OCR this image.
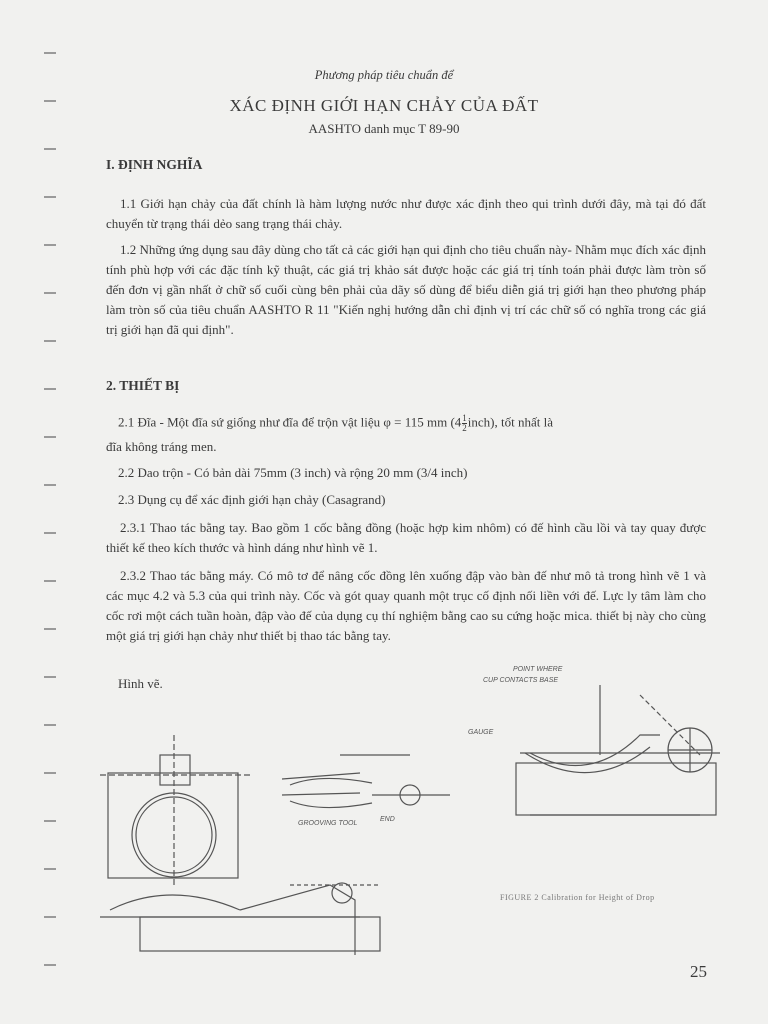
Phương pháp tiêu chuẩn để
XÁC ĐỊNH GIỚI HẠN CHẢY CỦA ĐẤT
AASHTO danh mục T 89-90
I. ĐỊNH NGHĨA
1.1 Giới hạn chảy của đất chính là hàm lượng nước như được xác định theo qui trình dưới đây, mà tại đó đất chuyển từ trạng thái dẻo sang trạng thái chảy.
1.2 Những ứng dụng sau đây dùng cho tất cả các giới hạn qui định cho tiêu chuẩn này- Nhằm mục đích xác định tính phù hợp với các đặc tính kỹ thuật, các giá trị khảo sát được hoặc các giá trị tính toán phải được làm tròn số đến đơn vị gần nhất ở chữ số cuối cùng bên phải của dãy số dùng để biểu diễn giá trị giới hạn theo phương pháp làm tròn số của tiêu chuẩn AASHTO R 11 "Kiến nghị hướng dẫn chỉ định vị trí các chữ số có nghĩa trong các giá trị giới hạn đã qui định".
2. THIẾT BỊ
2.1 Đĩa - Một đĩa sứ giống như đĩa để trộn vật liệu φ = 115 mm $(4 \frac{1}{2}inch)$, tốt nhất là
đĩa không tráng men.
2.2 Dao trộn - Có bản dài 75mm (3 inch) và rộng 20 mm (3/4 inch)
2.3 Dụng cụ để xác định giới hạn chảy (Casagrand)
2.3.1 Thao tác bằng tay. Bao gồm 1 cốc bằng đồng (hoặc hợp kim nhôm) có đế hình cầu lồi và tay quay được thiết kế theo kích thước và hình dáng như hình vẽ 1.
2.3.2 Thao tác bằng máy. Có mô tơ để nâng cốc đồng lên xuống đập vào bàn đế như mô tả trong hình vẽ 1 và các mục 4.2 và 5.3 của qui trình này. Cốc và gót quay quanh một trục cố định nối liền với đế. Lực ly tâm làm cho cốc rơi một cách tuần hoàn, đập vào đế của dụng cụ thí nghiệm bằng cao su cứng hoặc mica. thiết bị này cho cùng một giá trị giới hạn chảy như thiết bị thao tác bằng tay.
Hình vẽ.
POINT WHERE
CUP CONTACTS BASE
GAUGE
GROOVING TOOL
END
FIGURE 2 Calibration for Height of Drop
25
